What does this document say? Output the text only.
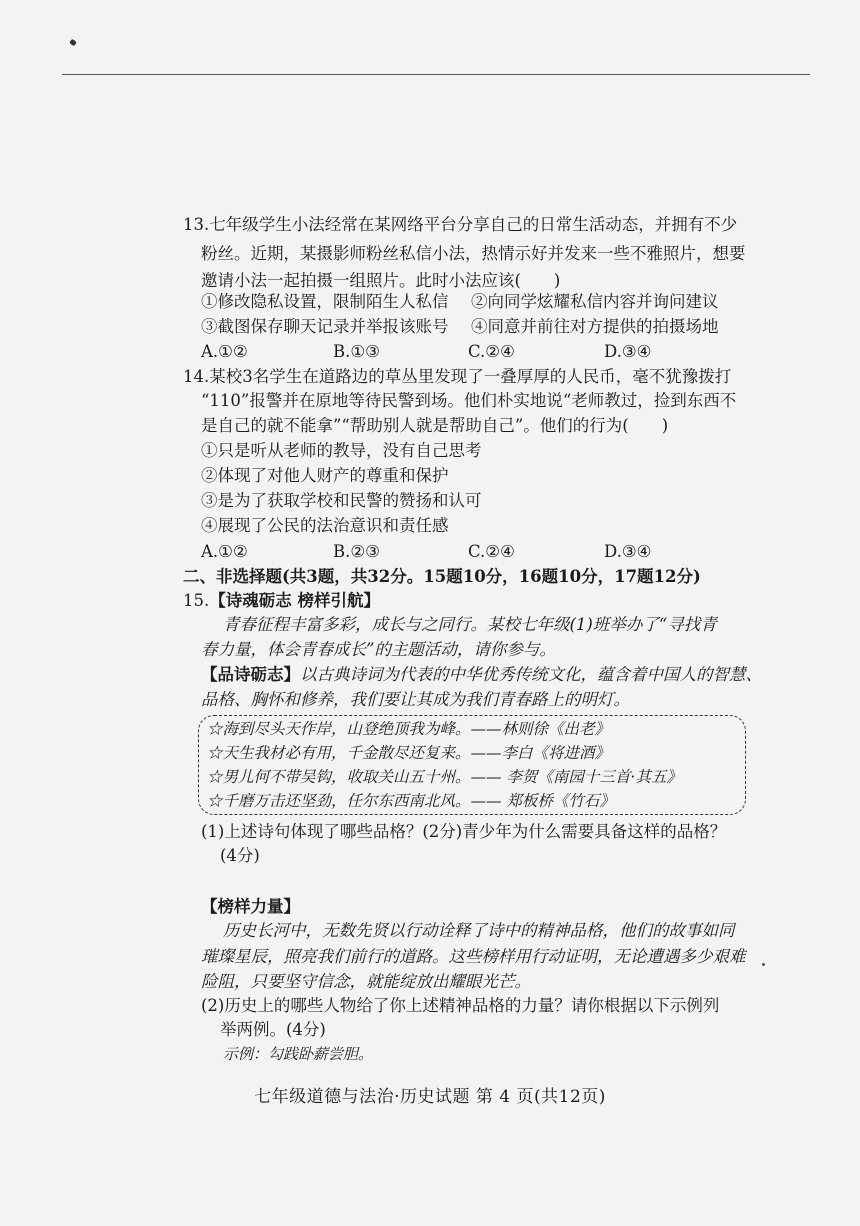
13.七年级学生小法经常在某网络平台分享自己的日常生活动态，并拥有不少
粉丝。近期，某摄影师粉丝私信小法，热情示好并发来一些不雅照片，想要
邀请小法一起拍摄一组照片。此时小法应该(　　)
①修改隐私设置，限制陌生人私信 ②向同学炫耀私信内容并询问建议
③截图保存聊天记录并举报该账号 ④同意并前往对方提供的拍摄场地
A.①②	B.①③	C.②④	D.③④
14.某校3名学生在道路边的草丛里发现了一叠厚厚的人民币，毫不犹豫拨打
“110”报警并在原地等待民警到场。他们朴实地说“老师教过，捡到东西不
是自己的就不能拿”“帮助别人就是帮助自己”。他们的行为(　　)
①只是听从老师的教导，没有自己思考
②体现了对他人财产的尊重和保护
③是为了获取学校和民警的赞扬和认可
④展现了公民的法治意识和责任感
A.①②	B.②③	C.②④	D.③④
二、非选择题(共3题，共32分。15题10分，16题10分，17题12分)
15.【诗魂砺志 榜样引航】
青春征程丰富多彩，成长与之同行。某校七年级(1)班举办了“寻找青
春力量，体会青春成长”的主题活动，请你参与。
【品诗砺志】以古典诗词为代表的中华优秀传统文化，蕴含着中国人的智慧、
品格、胸怀和修养，我们要让其成为我们青春路上的明灯。
☆海到尽头天作岸，山登绝顶我为峰。——林则徐《出老》
☆天生我材必有用，千金散尽还复来。——李白《将进酒》
☆男儿何不带吴钩，收取关山五十州。—— 李贺《南园十三首·其五》
☆千磨万击还坚劲，任尔东西南北风。—— 郑板桥《竹石》
(1)上述诗句体现了哪些品格？(2分)青少年为什么需要具备这样的品格？
(4分)
【榜样力量】
历史长河中，无数先贤以行动诠释了诗中的精神品格，他们的故事如同
璀璨星辰，照亮我们前行的道路。这些榜样用行动证明，无论遭遇多少艰难
险阻，只要坚守信念，就能绽放出耀眼光芒。
(2)历史上的哪些人物给了你上述精神品格的力量？请你根据以下示例列
举两例。(4分)
示例：勾践卧薪尝胆。
七年级道德与法治·历史试题 第 4 页(共12页)
